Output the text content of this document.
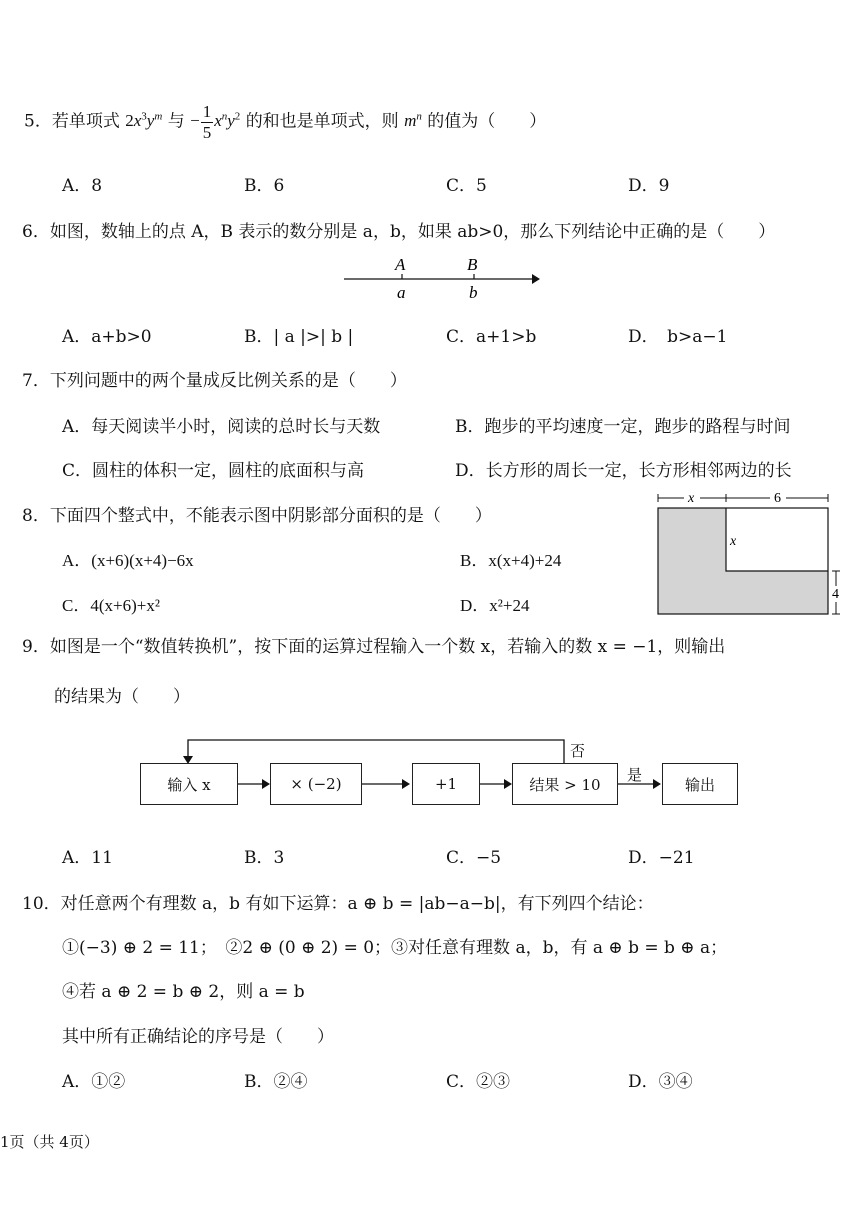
5．若单项式 $2x^3y^m$ 与 − $\frac{1}{5} x^ny^2$ 的和也是单项式，则 $m^n$ 的值为（　　）
A．8	B．6	C．5	D．9
6．如图，数轴上的点 A，B 表示的数分别是 a，b，如果 ab>0，那么下列结论中正确的是（　　）
A	B
a	b
A．a+b>0	B．| a |>| b |	C．a+1>b	D．　b>a−1
7．下列问题中的两个量成反比例关系的是（　　）
A．每天阅读半小时，阅读的总时长与天数	B．跑步的平均速度一定，跑步的路程与时间
C．圆柱的体积一定，圆柱的底面积与高	D．长方形的周长一定，长方形相邻两边的长
8．下面四个整式中，不能表示图中阴影部分面积的是（　　）
A．(x+6)(x+4)−6x	B．x(x+4)+24
C．4(x+6)+x²	D．x²+24
x	6
x
4
9．如图是一个“数值转换机”，按下面的运算过程输入一个数 x，若输入的数 x = −1，则输出
的结果为（　　）
否
是
输入 x	× (−2)	+1	结果 > 10	输出
A．11	B．3	C．−5	D．−21
10．对任意两个有理数 a，b 有如下运算：a ⊕ b = |ab−a−b|，有下列四个结论：
①(−3) ⊕ 2 = 11；　②2 ⊕ (0 ⊕ 2) = 0；③对任意有理数 a，b，有 a ⊕ b = b ⊕ a；
④若 a ⊕ 2 = b ⊕ 2，则 a = b
其中所有正确结论的序号是（　　）
A．①②	B．②④	C．②③	D．③④
1页（共 4页）
